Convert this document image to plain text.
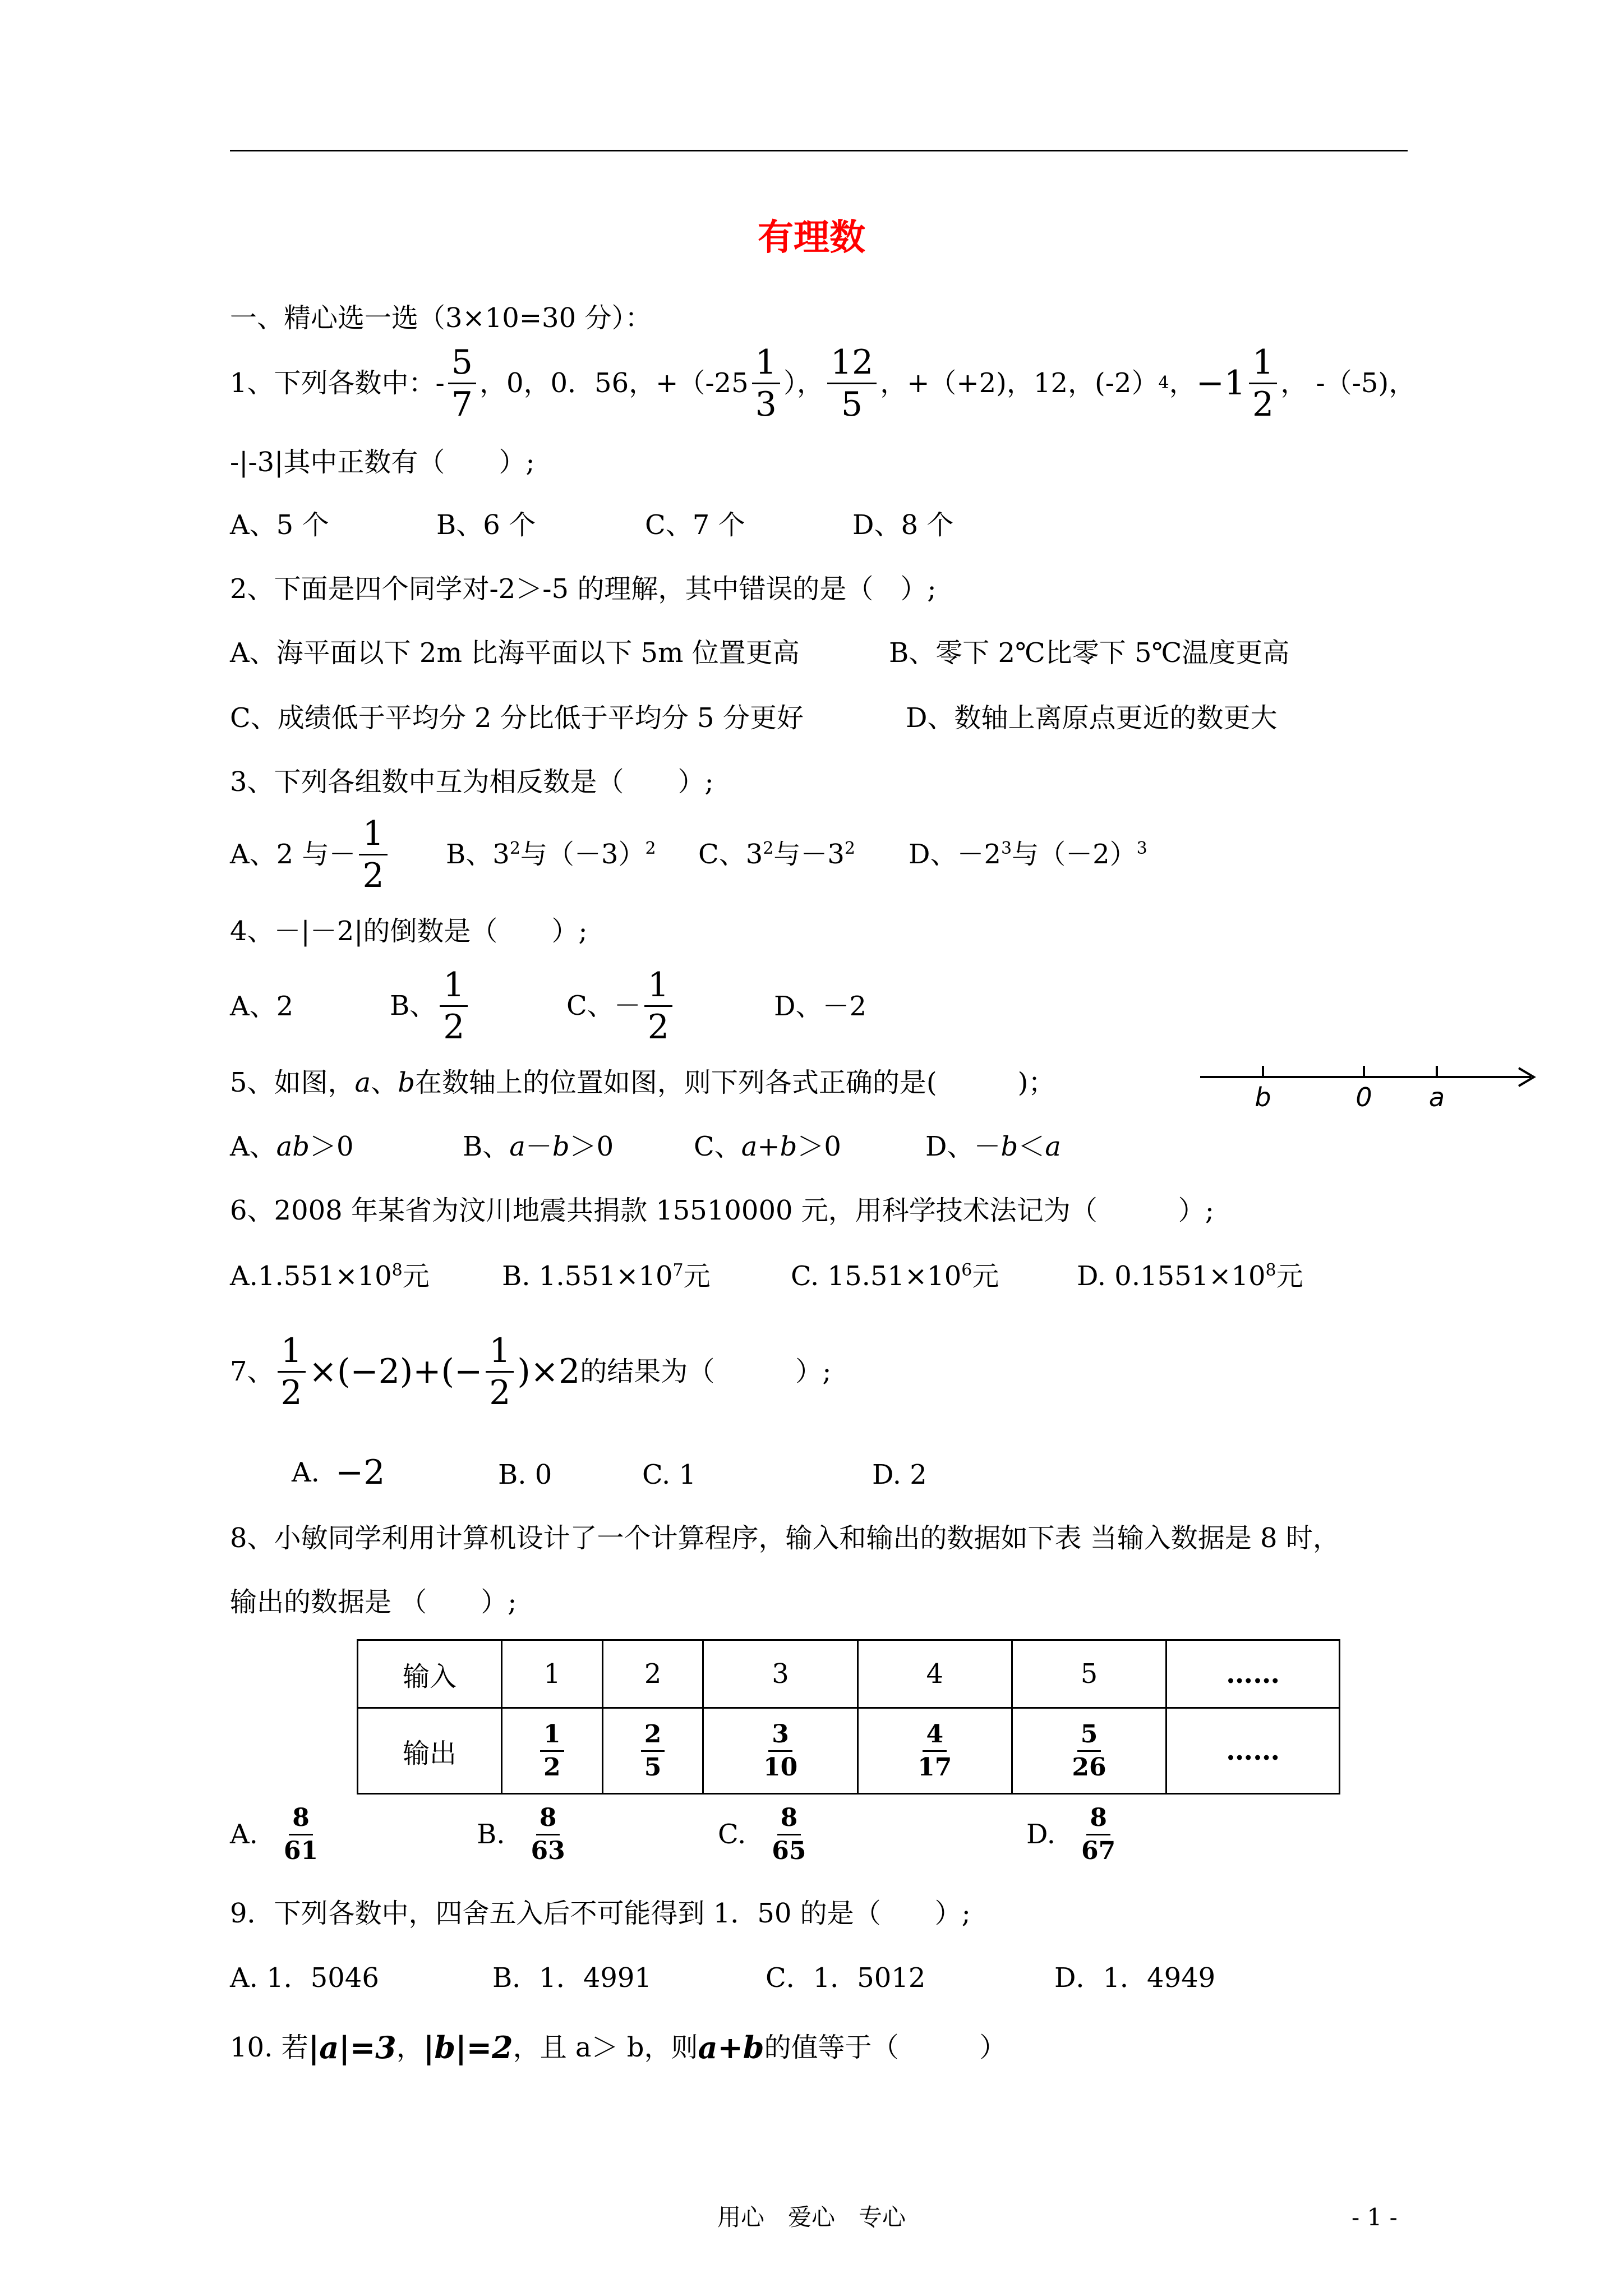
有理数
一、精心选一选（3×10=30 分）：
1、下列各数中：- $\frac{5}{7}$ ，0，0．56，$+(-25 \frac{1}{3}$ ）， $\frac{12}{5}$ ，+（+2)，12，(-2） 4 ， $-1 \frac{1}{2}$ ， -（-5)，
-|-3|其中正数有（　　）;
A、5 个	B、6 个	C、7 个	D、8 个
2、下面是四个同学对-2＞-5 的理解，其中错误的是（　）;
A、海平面以下 2m 比海平面以下 5m 位置更高	B、零下 2℃比零下 5℃温度更高
C、成绩低于平均分 2 分比低于平均分 5 分更好	D、数轴上离原点更近的数更大
3、下列各组数中互为相反数是（　　）;
A、2 与－ $\frac{1}{2}$ B、$3^2$与$(-3)^2$ C、$3^2$与$-3^2$ D、$-2^3$与$(-2)^3$
4、－|－2|的倒数是（　　）;
A、2	B、 $\frac{1}{2}$	C、－ $\frac{1}{2}$	D、－2
5、如图，a、b在数轴上的位置如图，则下列各式正确的是(　　　)；	b	0 a
A、ab＞0	B、a－b＞0	C、a+b＞0	D、－b＜a
6、2008 年某省为汶川地震共捐款 15510000 元，用科学技术法记为（　　　）;
$A.1.551\times 10^8$元	B. $1.551\times 10^7$元	C. $15.51\times 10^6$元	D. $0.1551\times 10^8$元
7、 $\frac{1}{2} \times(-2)+(- \frac{1}{2} )\times 2$ 的结果为（　　　）;
A. −2	B. 0	C. 1	D. 2
8、小敏同学利用计算机设计了一个计算程序，输入和输出的数据如下表 当输入数据是 8 时，
输出的数据是 （　　）;
输入	1	2	3	4	5	……
输出	$\frac{1}{2}$	$\frac{2}{5}$	$\frac{3}{10}$	$\frac{4}{17}$	$\frac{5}{26}$	……
A. $\frac{8}{61}$	B. $\frac{8}{63}$	C. $\frac{8}{65}$	D. $\frac{8}{67}$
9．下列各数中，四舍五入后不可能得到 1．50 的是（　　）;
A. 1．5046	B．1．4991	C．1．5012	D．1．4949
10. 若 |a|=3 ， |b|=2 ，且 a＞ b，则 a+b 的值等于（　　　）
用心　爱心　专心	- 1 -
